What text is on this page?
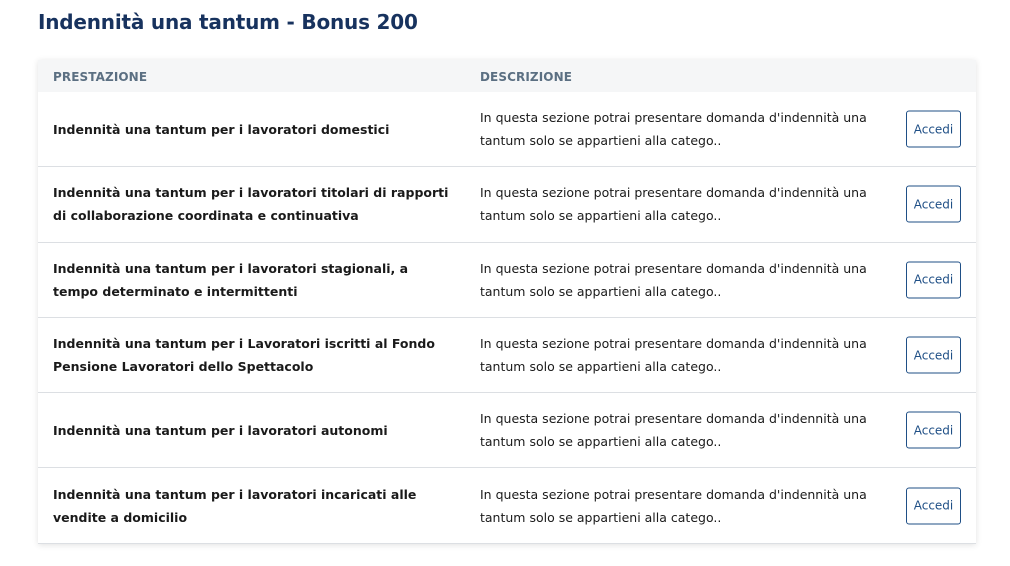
Indennità una tantum - Bonus 200
PRESTAZIONE	DESCRIZIONE
Indennità una tantum per i lavoratori domestici
In questa sezione potrai presentare domanda d'indennità una tantum solo se appartieni alla catego..
Accedi
Indennità una tantum per i lavoratori titolari di rapporti di collaborazione coordinata e continuativa
In questa sezione potrai presentare domanda d'indennità una tantum solo se appartieni alla catego..
Accedi
Indennità una tantum per i lavoratori stagionali, a tempo determinato e intermittenti
In questa sezione potrai presentare domanda d'indennità una tantum solo se appartieni alla catego..
Accedi
Indennità una tantum per i Lavoratori iscritti al Fondo Pensione Lavoratori dello Spettacolo
In questa sezione potrai presentare domanda d'indennità una tantum solo se appartieni alla catego..
Accedi
Indennità una tantum per i lavoratori autonomi
In questa sezione potrai presentare domanda d'indennità una tantum solo se appartieni alla catego..
Accedi
Indennità una tantum per i lavoratori incaricati alle vendite a domicilio
In questa sezione potrai presentare domanda d'indennità una tantum solo se appartieni alla catego..
Accedi
